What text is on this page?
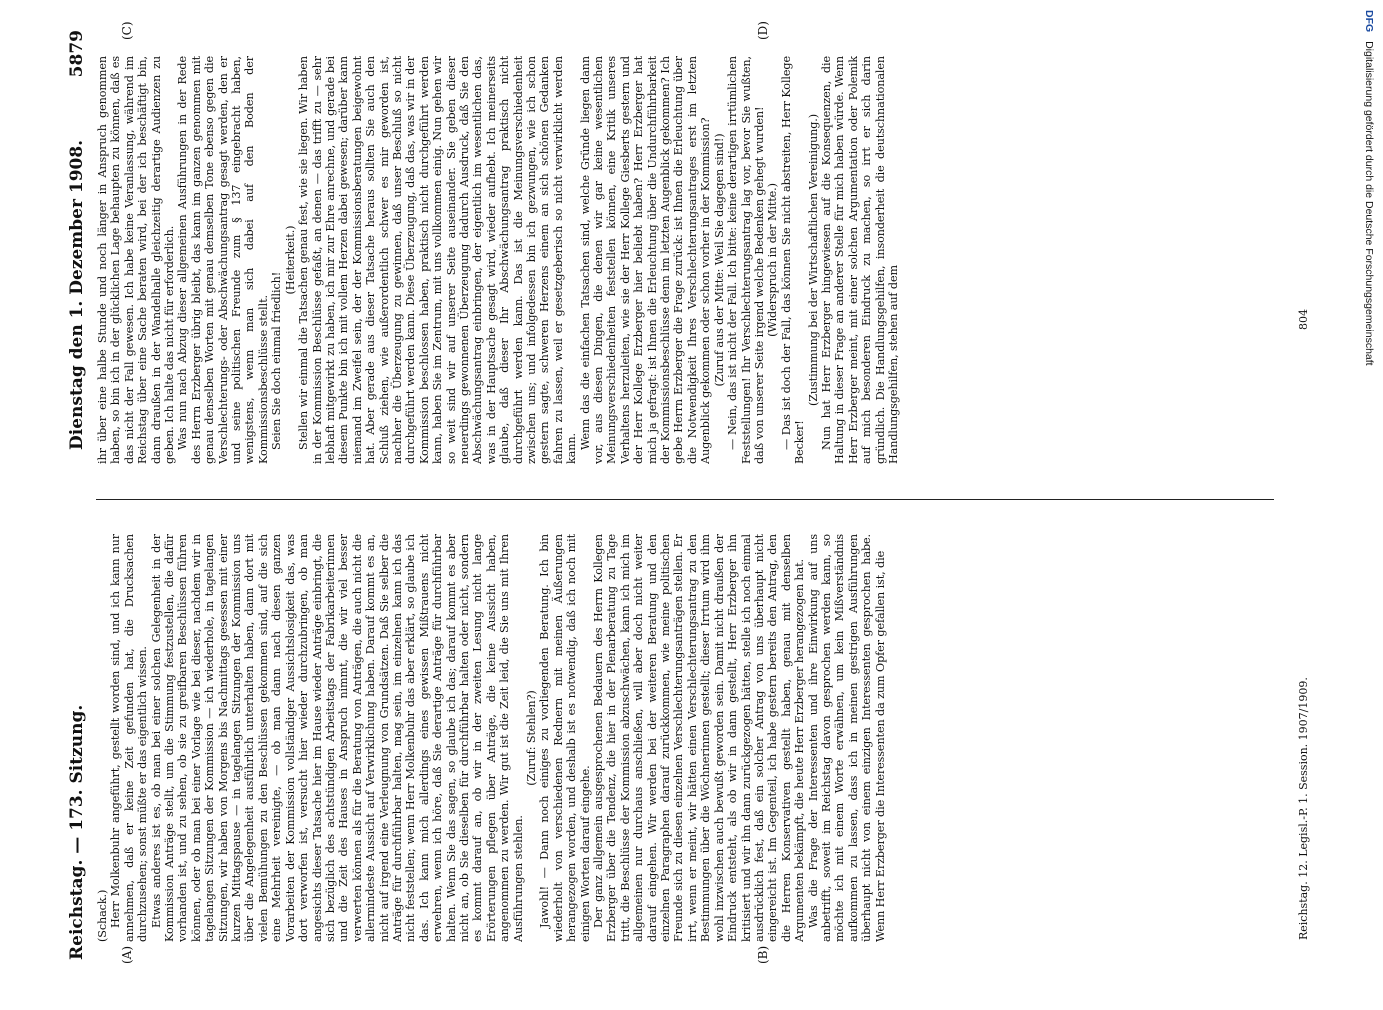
Reichstag. — 173. Sitzung.
Dienstag den 1. Dezember 1908.
5879
(A)	(B)
(C)	(D)

(Schack.) Herr Molkenbuhr angeführt, gestellt worden sind, und ich kann nur annehmen, daß er keine Zeit gefunden hat, die Drucksachen durchzusehen; sonst müßte er das eigentlich wissen. Etwas anderes ist es, ob man bei einer solchen Gelegenheit in der Kommission Anträge stellt, um die Stimmung festzustellen, die dafür vorhanden ist, und zu sehen, ob sie zu greifbaren Beschlüssen führen können, oder ob man bei einer Vorlage wie bei dieser, nachdem wir in tagelangen Sitzungen der Kommission — ich wiederhole, in tagelangen Sitzungen, wir haben von Morgens bis Nachmittags gesessen mit einer kurzen Mittagspause — in tagelangen Sitzungen der Kommission uns über die Angelegenheit ausführlich unterhalten haben, dann dort mit vielen Bemühungen zu den Beschlüssen gekommen sind, auf die sich eine Mehrheit vereinigte, — ob man dann nach diesen ganzen Vorarbeiten der Kommission vollständiger Aussichtslosigkeit das, was dort verworfen ist, versucht hier wieder durchzubringen, ob man angesichts dieser Tatsache hier im Hause wieder Anträge einbringt, die sich bezüglich des achtstündigen Arbeitstags der Fabrikarbeiterinnen und die Zeit des Hauses in Anspruch nimmt, die wir viel besser verwerten können als für die Beratung von Anträgen, die auch nicht die allermindeste Aussicht auf Verwirklichung haben. Darauf kommt es an, nicht auf irgend eine Verleugnung von Grundsätzen. Daß Sie selber die Anträge für durchführbar halten, mag sein, im einzelnen kann ich das nicht feststellen; wenn Herr Molkenbuhr das aber erklärt, so glaube ich das. Ich kann mich allerdings eines gewissen Mißtrauens nicht erwehren, wenn ich höre, daß Sie derartige Anträge für durchführbar halten. Wenn Sie das sagen, so glaube ich das; darauf kommt es aber nicht an, ob Sie dieselben für durchführbar halten oder nicht, sondern es kommt darauf an, ob wir in der zweiten Lesung nicht lange Erörterungen pflegen über Anträge, die keine Aussicht haben, angenommen zu werden. Wir gut ist die Zeit leid, die Sie uns mit Ihren Ausführungen stehlen.

(Zuruf: Stehlen?) Jawohl! — Dann noch einiges zu vorliegenden Beratung. Ich bin wiederholt von verschiedenen Rednern mit meinen Äußerungen herangezogen worden, und deshalb ist es notwendig, daß ich noch mit einigen Worten darauf eingehe. Der ganz allgemein ausgesprochenen Bedauern des Herrn Kollegen Erzberger über die Tendenz, die hier in der Plenarberatung zu Tage tritt, die Beschlüsse der Kommission abzuschwächen, kann ich mich im allgemeinen nur durchaus anschließen, will aber doch nicht weiter darauf eingehen. Wir werden bei der weiteren Beratung und den einzelnen Paragraphen darauf zurückkommen, wie meine politischen Freunde sich zu diesen einzelnen Verschlechterungsanträgen stellen. Er irrt, wenn er meint, wir hätten einen Verschlechterungsantrag zu den Bestimmungen über die Wöchnerinnen gestellt; dieser Irrtum wird ihm wohl inzwischen auch bewußt geworden sein. Damit nicht draußen der Eindruck entsteht, als ob wir in dann gestellt, Herr Erzberger ihn kritisiert und wir ihn dann zurückgezogen hätten, stelle ich noch einmal ausdrücklich fest, daß ein solcher Antrag von uns überhaupt nicht eingereicht ist. Im Gegenteil, ich habe gestern bereits den Antrag, den die Herren Konservativen gestellt haben, genau mit denselben Argumenten bekämpft, die heute Herr Erzberger herangezogen hat. Was die Frage der Interessenten und ihre Einwirkung auf uns anbetrifft, soweit im Reichstag davon gesprochen werden kann, so möchte ich mit einem Worte erwähnen, um kein Mißverständnis aufkommen zu lassen, dass ich in meinen gestrigen Ausführungen überhaupt nicht von einem einzigen Interessenten gesprochen habe. Wenn Herr Erzberger die Interessenten da zum Opfer gefallen ist, die

ihr über eine halbe Stunde und noch länger in Anspruch genommen haben, so bin ich in der glücklichen Lage behaupten zu können, daß es das nicht der Fall gewesen. Ich habe keine Veranlassung, während im Reichstag über eine Sache beraten wird, bei der ich beschäftigt bin, dann draußen in der Wandelhalle gleichzeitig derartige Audienzen zu geben. Ich halte das nicht für erforderlich. Was nun nach Abzug dieser allgemeinen Ausführungen in der Rede des Herrn Erzberger übrig bleibt, das kann im ganzen genommen mit genau denselben Worten mit genau demselben Tone ebenso gegen die Verschlechterungs- oder Abschwächungsantrag gesagt werden, den er und seine politischen Freunde zum § 137 eingebracht haben, wenigstens, wenn man sich dabei auf den Boden der Kommissionsbeschlüsse stellt. Seien Sie doch einmal friedlich!

(Heiterkeit.) Stellen wir einmal die Tatsachen genau fest, wie sie liegen. Wir haben in der Kommission Beschlüsse gefaßt, an denen — das trifft zu — sehr lebhaft mitgewirkt zu haben, ich mir zur Ehre anrechne, und gerade bei diesem Punkte bin ich mit vollem Herzen dabei gewesen; darüber kann niemand im Zweifel sein, der der Kommissionsberatungen beigewohnt hat. Aber gerade aus dieser Tatsache heraus sollten Sie auch den Schluß ziehen, wie außerordentlich schwer es mir geworden ist, nachher die Überzeugung zu gewinnen, daß unser Beschluß so nicht durchgeführt werden kann. Diese Überzeugung, daß das, was wir in der Kommission beschlossen haben, praktisch nicht durchgeführt werden kann, haben Sie im Zentrum, mit uns vollkommen einig. Nun gehen wir so weit sind wir auf unserer Seite auseinander. Sie geben dieser neuerdings gewonnenen Überzeugung dadurch Ausdruck, daß Sie den Abschwächungsantrag einbringen, der eigentlich im wesentlichen das, was in der Hauptsache gesagt wird, wieder aufhebt. Ich meinerseits glaube, daß dieser Ihr Abschwächungsantrag praktisch nicht durchgeführt werden kann. Das ist die Meinungsverschiedenheit zwischen uns; und infolgedessen bin ich gezwungen, wie ich schon gestern sagte, schweren Herzens einem an sich schönen Gedanken fahren zu lassen, weil er gesetzgeberisch so nicht verwirklicht werden kann. Wenn das die einfachen Tatsachen sind, welche Gründe liegen dann vor, aus diesen Dingen, die denen wir gar keine wesentlichen Meinungsverschiedenheiten feststellen können, eine Kritik unseres Verhaltens herzuleiten, wie sie der Herr Kollege Giesberts gestern und der Herr Kollege Erzberger hier beliebt haben? Herr Erzberger hat mich ja gefragt: ist Ihnen die Erleuchtung über die Undurchführbarkeit der Kommissionsbeschlüsse denn im letzten Augenblick gekommen? Ich gebe Herrn Erzberger die Frage zurück: ist Ihnen die Erleuchtung über die Notwendigkeit Ihres Verschlechterungsantrages erst im letzten Augenblick gekommen oder schon vorher in der Kommission? (Zuruf aus der Mitte: Weil Sie dagegen sind!) — Nein, das ist nicht der Fall. Ich bitte: keine derartigen irrtümlichen Feststellungen! Ihr Verschlechterungsantrag lag vor, bevor Sie wußten, daß von unserer Seite irgend welche Bedenken gehegt wurden! (Widerspruch in der Mitte.) — Das ist doch der Fall, das können Sie nicht abstreiten, Herr Kollege Becker!

(Zustimmung bei der Wirtschaftlichen Vereinigung.) Nun hat Herr Erzberger hingewiesen auf die Konsequenzen, die Haltung in dieser Frage an anderer Stelle für mich haben würde. Wenn Herr Erzberger meint, mit einer solchen Argumentation oder Polemik auf mich besonderen Eindruck zu machen, so irrt er sich darin gründlich. Die Handlungsgehilfen, insonderheit die deutschnationalen Handlungsgehilfen, stehen auf dem

Reichstag. 12. Legisl.-P. 1. Session. 1907/1909.
804
DFG Digitalisierung gefördert durch die Deutsche Forschungsgemeinschaft
